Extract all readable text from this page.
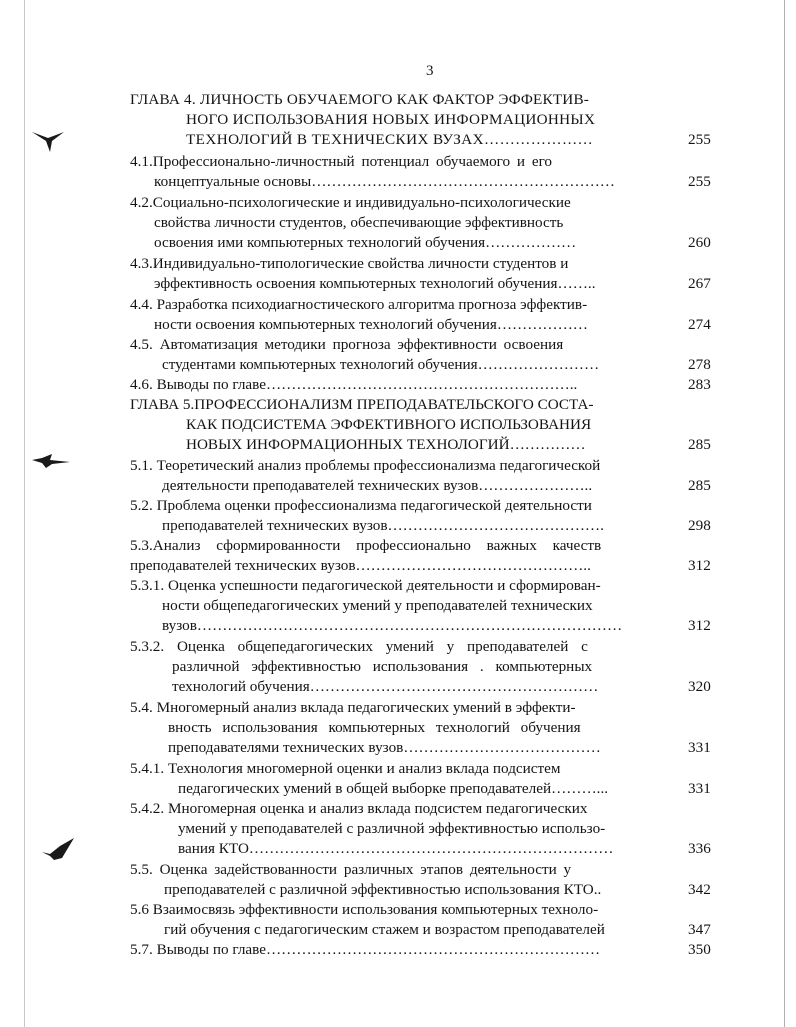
3
ГЛАВА 4. ЛИЧНОСТЬ ОБУЧАЕМОГО КАК ФАКТОР ЭФФЕКТИВ-
НОГО ИСПОЛЬЗОВАНИЯ НОВЫХ ИНФОРМАЦИОННЫХ
ТЕХНОЛОГИЙ В ТЕХНИЧЕСКИХ ВУЗАХ…………………	255
4.1.Профессионально-личностный потенциал обучаемого и его
концептуальные основы……………………………………………………	255
4.2.Социально-психологические и индивидуально-психологические
свойства личности студентов, обеспечивающие эффективность
освоения ими компьютерных технологий обучения………………	260
4.3.Индивидуально-типологические свойства личности студентов и
эффективность освоения компьютерных технологий обучения……..	267
4.4. Разработка психодиагностического алгоритма прогноза эффектив-
ности освоения компьютерных технологий обучения………………	274
4.5. Автоматизация методики прогноза эффективности освоения
студентами компьютерных технологий обучения……………………	278
4.6. Выводы по главе……………………………………………………..	283
ГЛАВА 5.ПРОФЕССИОНАЛИЗМ ПРЕПОДАВАТЕЛЬСКОГО СОСТА-
КАК ПОДСИСТЕМА ЭФФЕКТИВНОГО ИСПОЛЬЗОВАНИЯ
НОВЫХ ИНФОРМАЦИОННЫХ ТЕХНОЛОГИЙ……………	285
5.1. Теоретический анализ проблемы профессионализма педагогической
деятельности преподавателей технических вузов…………………..	285
5.2. Проблема оценки профессионализма педагогической деятельности
преподавателей технических вузов…………………………………….	298
5.3.Анализ сформированности профессионально важных качеств
преподавателей технических вузов………………………………………..	312
5.3.1. Оценка успешности педагогической деятельности и сформирован-
ности общепедагогических умений у преподавателей технических
вузов…………………………………………………………………………	312
5.3.2. Оценка общепедагогических умений у преподавателей с
различной эффективностью использования . компьютерных
технологий обучения…………………………………………………	320
5.4. Многомерный анализ вклада педагогических умений в эффекти-
вность использования компьютерных технологий обучения
преподавателями технических вузов…………………………………	331
5.4.1. Технология многомерной оценки и анализ вклада подсистем
педагогических умений в общей выборке преподавателей………...	331
5.4.2. Многомерная оценка и анализ вклада подсистем педагогических
умений у преподавателей с различной эффективностью использо-
вания КТО………………………………………………………………	336
5.5. Оценка задействованности различных этапов деятельности у
преподавателей с различной эффективностью использования КТО..	342
5.6 Взаимосвязь эффективности использования компьютерных техноло-
гий обучения с педагогическим стажем и возрастом преподавателей	347
5.7. Выводы по главе…………………………………………………………	350
